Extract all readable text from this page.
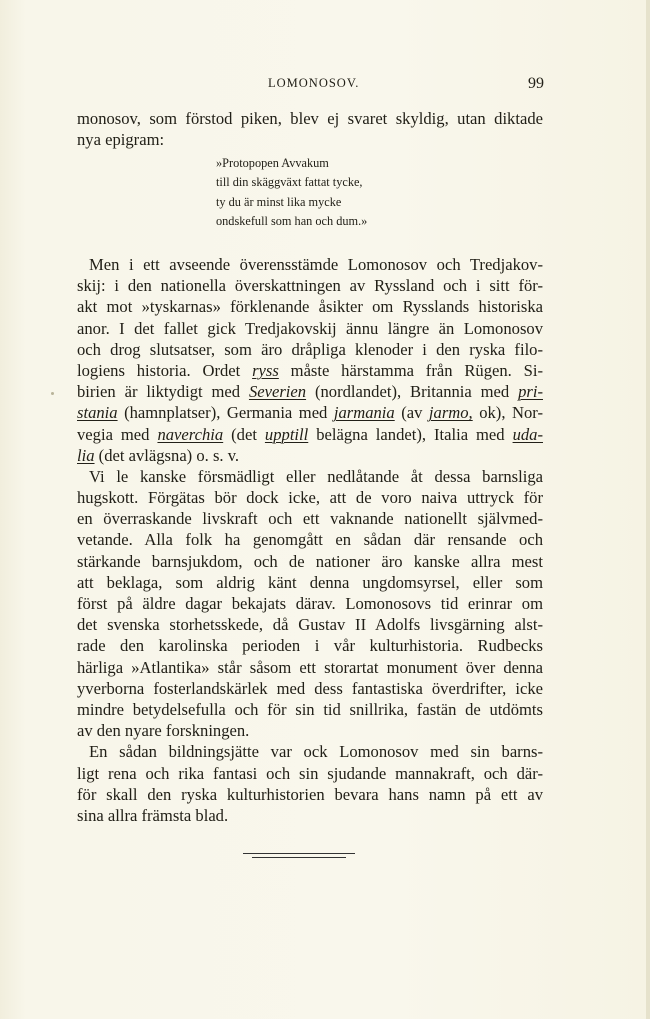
LOMONOSOV.	99
monosov, som förstod piken, blev ej svaret skyldig, utan diktade
nya epigram:
»Protopopen Avvakum
till din skäggväxt fattat tycke,
ty du är minst lika mycke
ondskefull som han och dum.»
Men i ett avseende överensstämde Lomonosov och Tredjakov-
skij: i den nationella överskattningen av Ryssland och i sitt för-
akt mot »tyskarnas» förklenande åsikter om Rysslands historiska
anor. I det fallet gick Tredjakovskij ännu längre än Lomonosov
och drog slutsatser, som äro dråpliga klenoder i den ryska filo-
logiens historia. Ordet ryss måste härstamma från Rügen. Si-
birien är liktydigt med Severien (nordlandet), Britannia med pri-
stania (hamnplatser), Germania med jarmania (av jarmo, ok), Nor-
vegia med naverchia (det upptill belägna landet), Italia med uda-
lia (det avlägsna) o. s. v.
Vi le kanske försmädligt eller nedlåtande åt dessa barnsliga
hugskott. Förgätas bör dock icke, att de voro naiva uttryck för
en överraskande livskraft och ett vaknande nationellt självmed-
vetande. Alla folk ha genomgått en sådan där rensande och
stärkande barnsjukdom, och de nationer äro kanske allra mest
att beklaga, som aldrig känt denna ungdomsyrsel, eller som
först på äldre dagar bekajats därav. Lomonosovs tid erinrar om
det svenska storhetsskede, då Gustav II Adolfs livsgärning alst-
rade den karolinska perioden i vår kulturhistoria. Rudbecks
härliga »Atlantika» står såsom ett storartat monument över denna
yverborna fosterlandskärlek med dess fantastiska överdrifter, icke
mindre betydelsefulla och för sin tid snillrika, fastän de utdömts
av den nyare forskningen.
En sådan bildningsjätte var ock Lomonosov med sin barns-
ligt rena och rika fantasi och sin sjudande mannakraft, och där-
för skall den ryska kulturhistorien bevara hans namn på ett av
sina allra främsta blad.
